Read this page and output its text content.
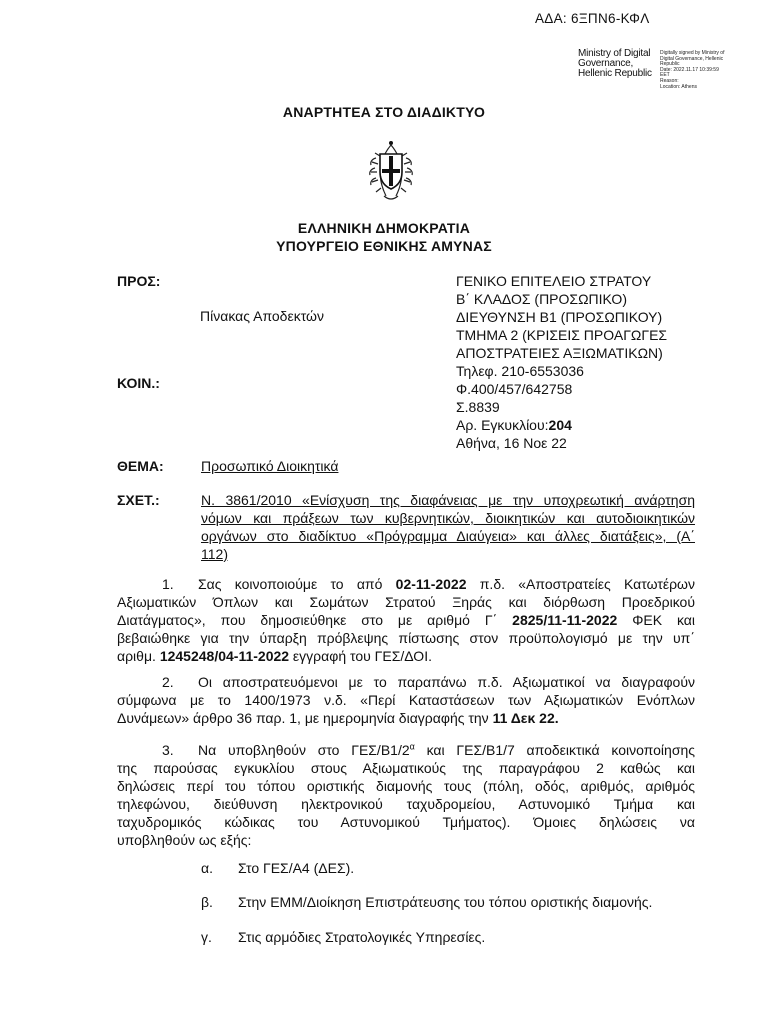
ΑΔΑ: 6ΞΠΝ6-ΚΦΛ
Ministry of Digital
Governance,
Hellenic Republic
Digitally signed by Ministry of
Digital Governance, Hellenic
Republic
Date: 2022.11.17 10:39:59
EET
Reason:
Location: Athens
ΑΝΑΡΤΗΤΕΑ ΣΤΟ ΔΙΑΔΙΚΤΥΟ
ΕΛΛΗΝΙΚΗ ΔΗΜΟΚΡΑΤΙΑ
ΥΠΟΥΡΓΕΙΟ ΕΘΝΙΚΗΣ ΑΜΥΝΑΣ
ΠΡΟΣ:
Πίνακας Αποδεκτών
ΚΟΙΝ.:
ΓΕΝΙΚΟ ΕΠΙΤΕΛΕΙΟ ΣΤΡΑΤΟΥ
Β΄ ΚΛΑΔΟΣ (ΠΡΟΣΩΠΙΚΟ)
ΔΙΕΥΘΥΝΣΗ Β1 (ΠΡΟΣΩΠΙΚΟΥ)
ΤΜΗΜΑ 2 (ΚΡΙΣΕΙΣ ΠΡΟΑΓΩΓΕΣ
ΑΠΟΣΤΡΑΤΕΙΕΣ ΑΞΙΩΜΑΤΙΚΩΝ)
Τηλεφ. 210-6553036
Φ.400/457/642758
Σ.8839
Αρ. Εγκυκλίου:204
Αθήνα, 16 Νοε 22
ΘΕΜΑ:	Προσωπικό Διοικητικά
ΣΧΕΤ.:	Ν. 3861/2010 «Ενίσχυση της διαφάνειας με την υποχρεωτική ανάρτηση
νόμων και πράξεων των κυβερνητικών, διοικητικών και αυτοδιοικητικών
οργάνων στο διαδίκτυο «Πρόγραμμα Διαύγεια» και άλλες διατάξεις», (Α΄
112)
1. Σας κοινοποιούμε το από 02-11-2022 π.δ. «Αποστρατείες Κατωτέρων
Αξιωματικών Όπλων και Σωμάτων Στρατού Ξηράς και διόρθωση Προεδρικού
Διατάγματος», που δημοσιεύθηκε στο με αριθμό Γ΄ 2825/11-11-2022 ΦΕΚ και
βεβαιώθηκε για την ύπαρξη πρόβλεψης πίστωσης στον προϋπολογισμό με την υπ΄
αριθμ. 1245248/04-11-2022 εγγραφή του ΓΕΣ/ΔΟΙ.
2. Οι αποστρατευόμενοι με το παραπάνω π.δ. Αξιωματικοί να διαγραφούν
σύμφωνα με το 1400/1973 ν.δ. «Περί Καταστάσεων των Αξιωματικών Ενόπλων
Δυνάμεων» άρθρο 36 παρ. 1, με ημερομηνία διαγραφής την 11 Δεκ 22.
3. Να υποβληθούν στο ΓΕΣ/$B1/2^\alpha$ και ΓΕΣ/Β1/7 αποδεικτικά κοινοποίησης
της παρούσας εγκυκλίου στους Αξιωματικούς της παραγράφου 2 καθώς και
δηλώσεις περί του τόπου οριστικής διαμονής τους (πόλη, οδός, αριθμός, αριθμός
τηλεφώνου, διεύθυνση ηλεκτρονικού ταχυδρομείου, Αστυνομικό Τμήμα και
ταχυδρομικός κώδικας του Αστυνομικού Τμήματος). Όμοιες δηλώσεις να
υποβληθούν ως εξής:
α. Στο ΓΕΣ/Α4 (ΔΕΣ).
β. Στην ΕΜΜ/Διοίκηση Επιστράτευσης του τόπου οριστικής διαμονής.
γ. Στις αρμόδιες Στρατολογικές Υπηρεσίες.
